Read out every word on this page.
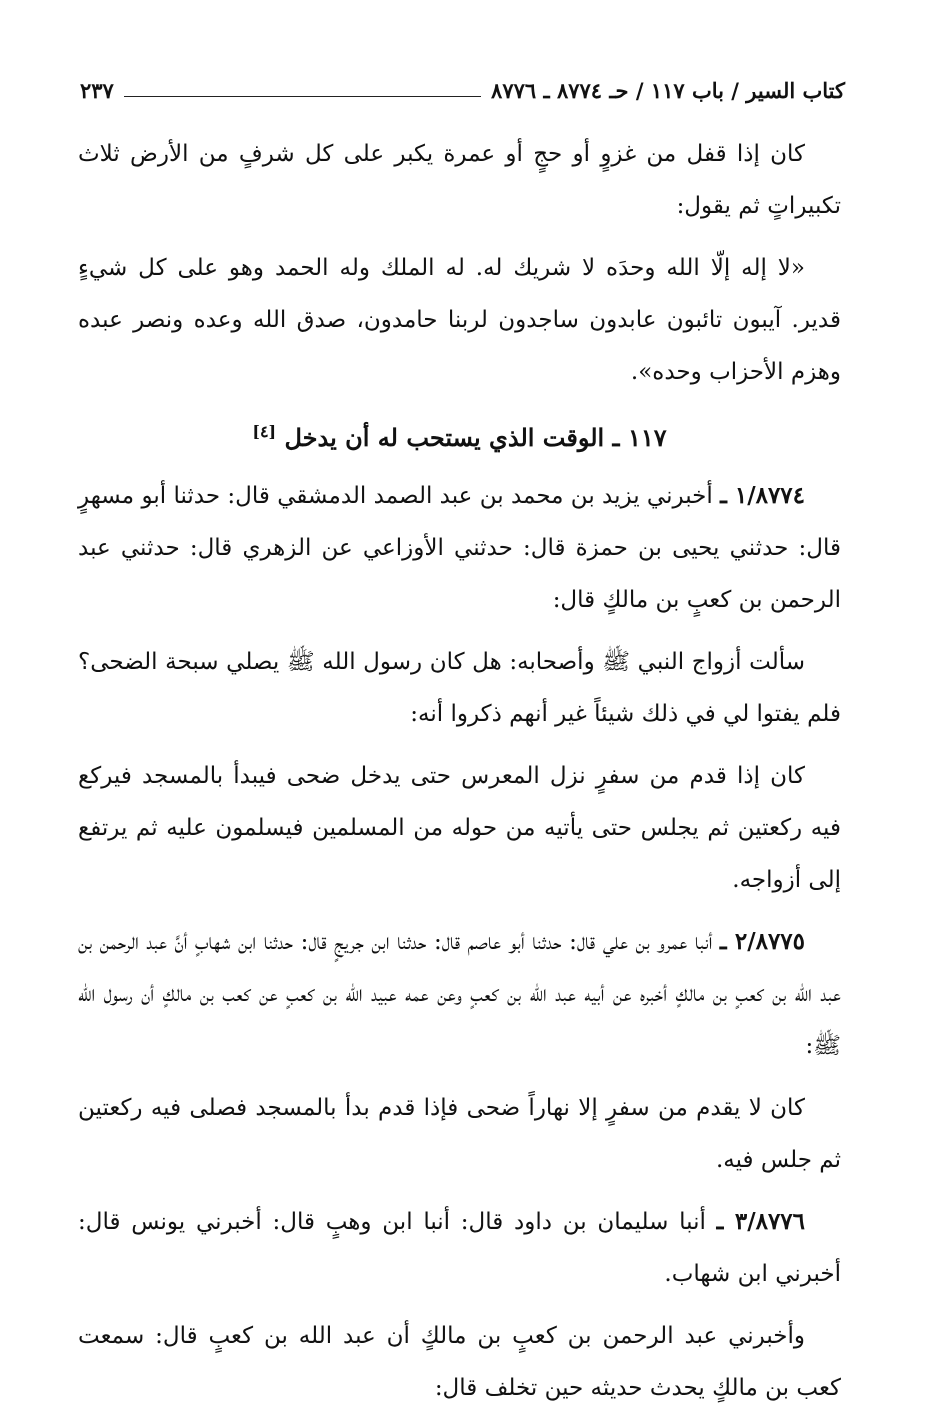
كتاب السير / باب ١١٧ / حـ ٨٧٧٤ ـ ٨٧٧٦
٢٣٧

كان إذا قفل من غزوٍ أو حجٍ أو عمرة يكبر على كل شرفٍ من الأرض ثلاث تكبيراتٍ ثم يقول:

«لا إله إلّا الله وحدَه لا شريك له. له الملك وله الحمد وهو على كل شيءٍ قدير. آيبون تائبون عابدون ساجدون لربنا حامدون، صدق الله وعده ونصر عبده وهزم الأحزاب وحده».

١١٧ ـ الوقت الذي يستحب له أن يدخل [٤]

١/٨٧٧٤ ـ أخبرني يزيد بن محمد بن عبد الصمد الدمشقي قال: حدثنا أبو مسهرٍ قال: حدثني يحيى بن حمزة قال: حدثني الأوزاعي عن الزهري قال: حدثني عبد الرحمن بن كعبٍ بن مالكٍ قال:

سألت أزواج النبي ﷺ وأصحابه: هل كان رسول الله ﷺ يصلي سبحة الضحى؟ فلم يفتوا لي في ذلك شيئاً غير أنهم ذكروا أنه:

كان إذا قدم من سفرٍ نزل المعرس حتى يدخل ضحى فيبدأ بالمسجد فيركع فيه ركعتين ثم يجلس حتى يأتيه من حوله من المسلمين فيسلمون عليه ثم يرتفع إلى أزواجه.

٢/٨٧٧٥ ـ أنبا عمرو بن علي قال: حدثنا أبو عاصم قال: حدثنا ابن جريجٍ قال: حدثنا ابن شهابٍ أنَّ عبد الرحمن بن عبد الله بن كعبٍ بن مالكٍ أخبره عن أبيه عبد الله بن كعبٍ وعن عمه عبيد الله بن كعبٍ عن كعب بن مالكٍ أن رسول الله ﷺ:

كان لا يقدم من سفرٍ إلا نهاراً ضحى فإذا قدم بدأ بالمسجد فصلى فيه ركعتين ثم جلس فيه.

٣/٨٧٧٦ ـ أنبا سليمان بن داود قال: أنبا ابن وهبٍ قال: أخبرني يونس قال: أخبرني ابن شهاب.

وأخبرني عبد الرحمن بن كعبٍ بن مالكٍ أن عبد الله بن كعبٍ قال: سمعت كعب بن مالكٍ يحدث حديثه حين تخلف قال:
